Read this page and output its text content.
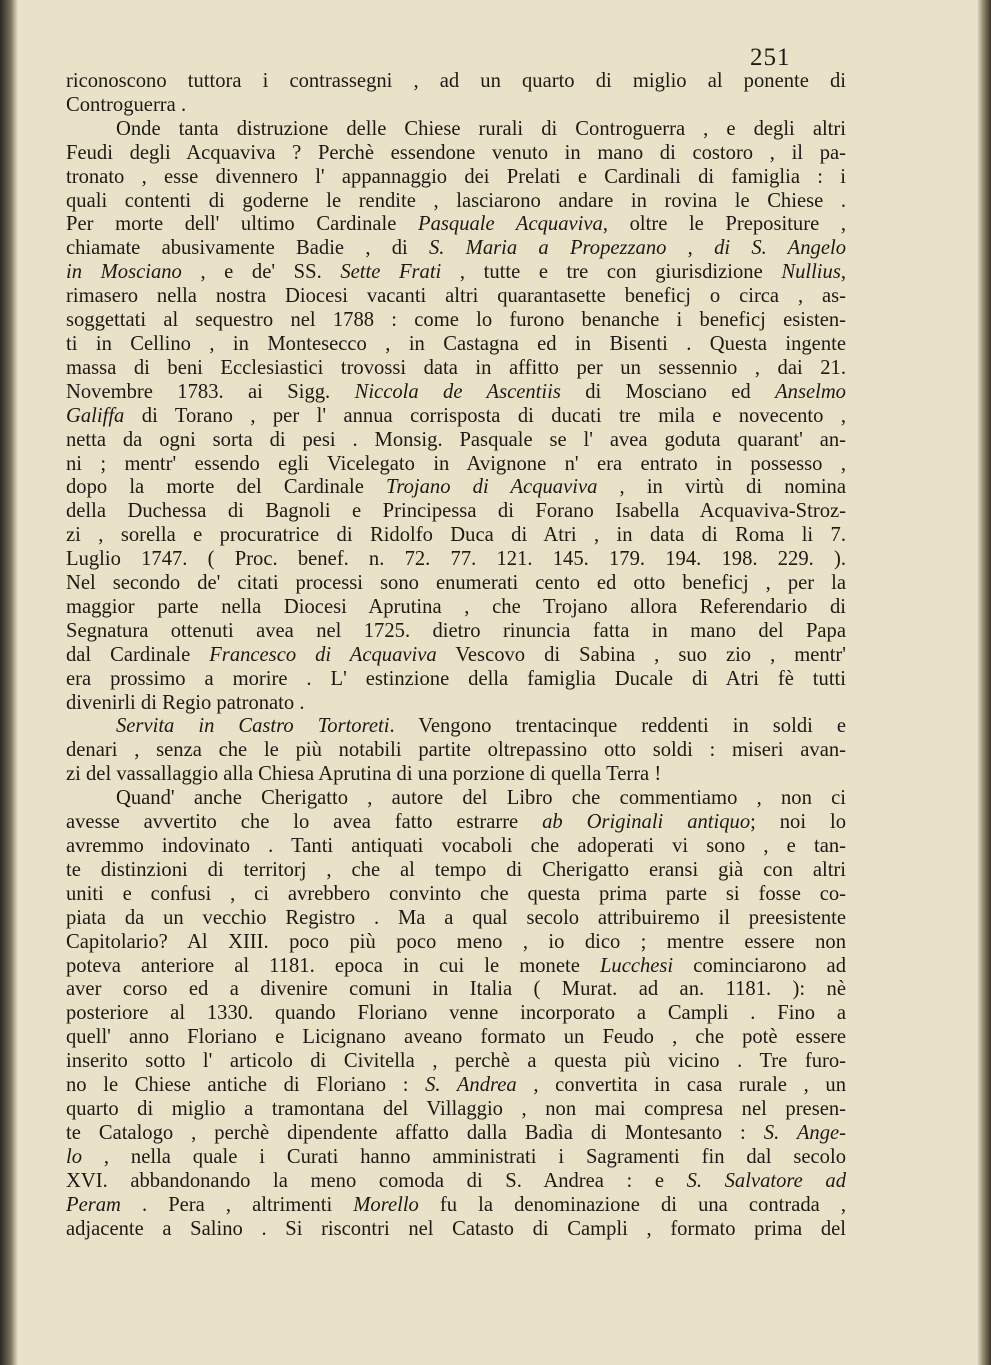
251
riconoscono tuttora i contrassegni , ad un quarto di miglio al ponente di
Controguerra .
Onde tanta distruzione delle Chiese rurali di Controguerra , e degli altri
Feudi degli Acquaviva ? Perchè essendone venuto in mano di costoro , il pa-
tronato , esse divennero l' appannaggio dei Prelati e Cardinali di famiglia : i
quali contenti di goderne le rendite , lasciarono andare in rovina le Chiese .
Per morte dell' ultimo Cardinale Pasquale Acquaviva, oltre le Prepositure ,
chiamate abusivamente Badie , di S. Maria a Propezzano , di S. Angelo
in Mosciano , e de' SS. Sette Frati , tutte e tre con giurisdizione Nullius,
rimasero nella nostra Diocesi vacanti altri quarantasette beneficj o circa , as-
soggettati al sequestro nel 1788 : come lo furono benanche i beneficj esisten-
ti in Cellino , in Montesecco , in Castagna ed in Bisenti . Questa ingente
massa di beni Ecclesiastici trovossi data in affitto per un sessennio , dai 21.
Novembre 1783. ai Sigg. Niccola de Ascentiis di Mosciano ed Anselmo
Galiffa di Torano , per l' annua corrisposta di ducati tre mila e novecento ,
netta da ogni sorta di pesi . Monsig. Pasquale se l' avea goduta quarant' an-
ni ; mentr' essendo egli Vicelegato in Avignone n' era entrato in possesso ,
dopo la morte del Cardinale Trojano di Acquaviva , in virtù di nomina
della Duchessa di Bagnoli e Principessa di Forano Isabella Acquaviva-Stroz-
zi , sorella e procuratrice di Ridolfo Duca di Atri , in data di Roma li 7.
Luglio 1747. ( Proc. benef. n. 72. 77. 121. 145. 179. 194. 198. 229. ).
Nel secondo de' citati processi sono enumerati cento ed otto beneficj , per la
maggior parte nella Diocesi Aprutina , che Trojano allora Referendario di
Segnatura ottenuti avea nel 1725. dietro rinuncia fatta in mano del Papa
dal Cardinale Francesco di Acquaviva Vescovo di Sabina , suo zio , mentr'
era prossimo a morire . L' estinzione della famiglia Ducale di Atri fè tutti
divenirli di Regio patronato .
Servita in Castro Tortoreti. Vengono trentacinque reddenti in soldi e
denari , senza che le più notabili partite oltrepassino otto soldi : miseri avan-
zi del vassallaggio alla Chiesa Aprutina di una porzione di quella Terra !
Quand' anche Cherigatto , autore del Libro che commentiamo , non ci
avesse avvertito che lo avea fatto estrarre ab Originali antiquo; noi lo
avremmo indovinato . Tanti antiquati vocaboli che adoperati vi sono , e tan-
te distinzioni di territorj , che al tempo di Cherigatto eransi già con altri
uniti e confusi , ci avrebbero convinto che questa prima parte si fosse co-
piata da un vecchio Registro . Ma a qual secolo attribuiremo il preesistente
Capitolario? Al XIII. poco più poco meno , io dico ; mentre essere non
poteva anteriore al 1181. epoca in cui le monete Lucchesi cominciarono ad
aver corso ed a divenire comuni in Italia ( Murat. ad an. 1181. ): nè
posteriore al 1330. quando Floriano venne incorporato a Campli . Fino a
quell' anno Floriano e Licignano aveano formato un Feudo , che potè essere
inserito sotto l' articolo di Civitella , perchè a questa più vicino . Tre furo-
no le Chiese antiche di Floriano : S. Andrea , convertita in casa rurale , un
quarto di miglio a tramontana del Villaggio , non mai compresa nel presen-
te Catalogo , perchè dipendente affatto dalla Badìa di Montesanto : S. Ange-
lo , nella quale i Curati hanno amministrati i Sagramenti fin dal secolo
XVI. abbandonando la meno comoda di S. Andrea : e S. Salvatore ad
Peram . Pera , altrimenti Morello fu la denominazione di una contrada ,
adjacente a Salino . Si riscontri nel Catasto di Campli , formato prima del
